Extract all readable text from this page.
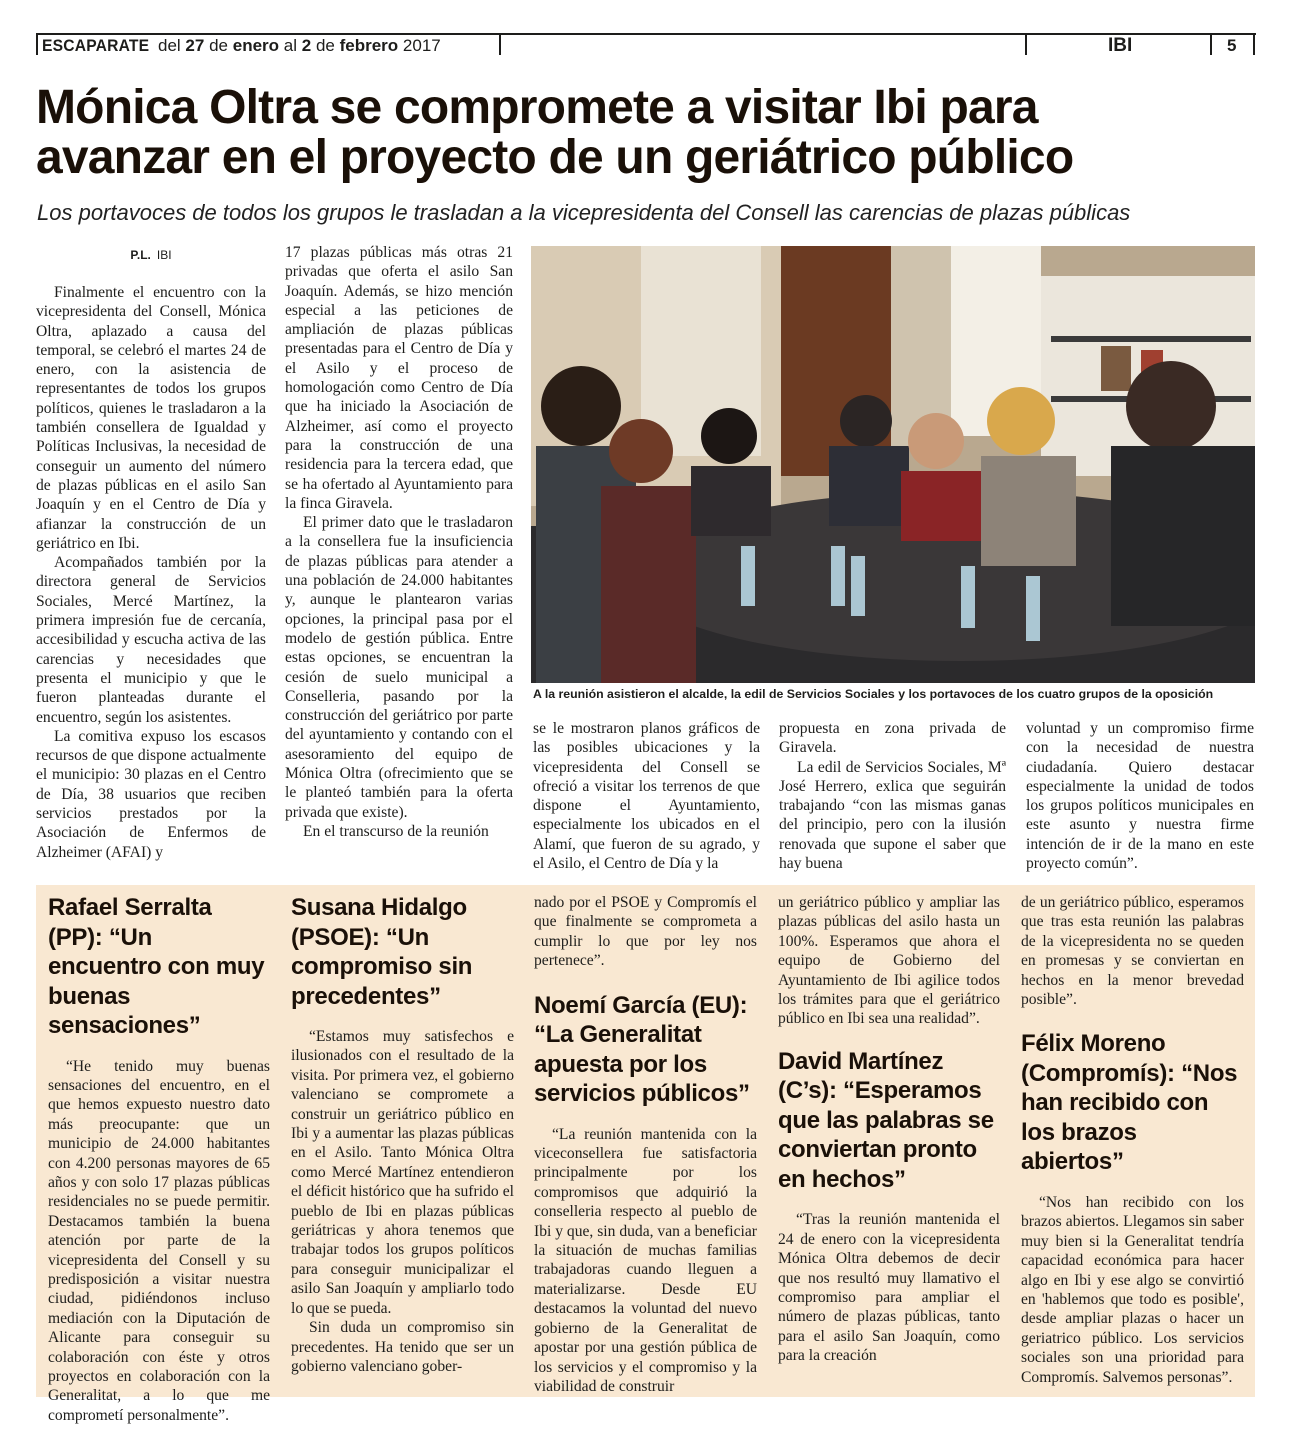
ESCAPARATE del 27 de enero al 2 de febrero 2017	IBI	5
Mónica Oltra se compromete a visitar Ibi para
avanzar en el proyecto de un geriátrico público
Los portavoces de todos los grupos le trasladan a la vicepresidenta del Consell las carencias de plazas públicas
P.L. IBI

Finalmente el encuentro con la vicepresidenta del Consell, Mónica Oltra, aplazado a causa del temporal, se celebró el martes 24 de enero, con la asistencia de representantes de todos los grupos políticos, quienes le trasladaron a la también consellera de Igualdad y Políticas Inclusivas, la necesidad de conseguir un aumento del número de plazas públicas en el asilo San Joaquín y en el Centro de Día y afianzar la construcción de un geriátrico en Ibi.

Acompañados también por la directora general de Servicios Sociales, Mercé Martínez, la primera impresión fue de cercanía, accesibilidad y escucha activa de las carencias y necesidades que presenta el municipio y que le fueron planteadas durante el encuentro, según los asistentes.

La comitiva expuso los escasos recursos de que dispone actualmente el municipio: 30 plazas en el Centro de Día, 38 usuarios que reciben servicios prestados por la Asociación de Enfermos de Alzheimer (AFAI) y

17 plazas públicas más otras 21 privadas que oferta el asilo San Joaquín. Además, se hizo mención especial a las peticiones de ampliación de plazas públicas presentadas para el Centro de Día y el Asilo y el proceso de homologación como Centro de Día que ha iniciado la Asociación de Alzheimer, así como el proyecto para la construcción de una residencia para la tercera edad, que se ha ofertado al Ayuntamiento para la finca Giravela.

El primer dato que le trasladaron a la consellera fue la insuficiencia de plazas públicas para atender a una población de 24.000 habitantes y, aunque le plantearon varias opciones, la principal pasa por el modelo de gestión pública. Entre estas opciones, se encuentran la cesión de suelo municipal a Conselleria, pasando por la construcción del geriátrico por parte del ayuntamiento y contando con el asesoramiento del equipo de Mónica Oltra (ofrecimiento que se le planteó también para la oferta privada que existe).

En el transcurso de la reunión

A la reunión asistieron el alcalde, la edil de Servicios Sociales y los portavoces de los cuatro grupos de la oposición

se le mostraron planos gráficos de las posibles ubicaciones y la vicepresidenta del Consell se ofreció a visitar los terrenos de que dispone el Ayuntamiento, especialmente los ubicados en el Alamí, que fueron de su agrado, y el Asilo, el Centro de Día y la

propuesta en zona privada de Giravela.

La edil de Servicios Sociales, Mª José Herrero, exlica que seguirán trabajando “con las mismas ganas del principio, pero con la ilusión renovada que supone el saber que hay buena

voluntad y un compromiso firme con la necesidad de nuestra ciudadanía. Quiero destacar especialmente la unidad de todos los grupos políticos municipales en este asunto y nuestra firme intención de ir de la mano en este proyecto común”.

Rafael Serralta (PP): “Un encuentro con muy buenas sensaciones”

“He tenido muy buenas sensaciones del encuentro, en el que hemos expuesto nuestro dato más preocupante: que un municipio de 24.000 habitantes con 4.200 personas mayores de 65 años y con solo 17 plazas públicas residenciales no se puede permitir. Destacamos también la buena atención por parte de la vicepresidenta del Consell y su predisposición a visitar nuestra ciudad, pidiéndonos incluso mediación con la Diputación de Alicante para conseguir su colaboración con éste y otros proyectos en colaboración con la Generalitat, a lo que me comprometí personalmente”.

Susana Hidalgo (PSOE): “Un compromiso sin precedentes”

“Estamos muy satisfechos e ilusionados con el resultado de la visita. Por primera vez, el gobierno valenciano se compromete a construir un geriátrico público en Ibi y a aumentar las plazas públicas en el Asilo. Tanto Mónica Oltra como Mercé Martínez entendieron el déficit histórico que ha sufrido el pueblo de Ibi en plazas públicas geriátricas y ahora tenemos que trabajar todos los grupos políticos para conseguir municipalizar el asilo San Joaquín y ampliarlo todo lo que se pueda.

Sin duda un compromiso sin precedentes. Ha tenido que ser un gobierno valenciano gober-

nado por el PSOE y Compromís el que finalmente se comprometa a cumplir lo que por ley nos pertenece”.

Noemí García (EU): “La Generalitat apuesta por los servicios públicos”

“La reunión mantenida con la viceconsellera fue satisfactoria principalmente por los compromisos que adquirió la conselleria respecto al pueblo de Ibi y que, sin duda, van a beneficiar la situación de muchas familias trabajadoras cuando lleguen a materializarse. Desde EU destacamos la voluntad del nuevo gobierno de la Generalitat de apostar por una gestión pública de los servicios y el compromiso y la viabilidad de construir

un geriátrico público y ampliar las plazas públicas del asilo hasta un 100%. Esperamos que ahora el equipo de Gobierno del Ayuntamiento de Ibi agilice todos los trámites para que el geriátrico público en Ibi sea una realidad”.

David Martínez (C’s): “Esperamos que las palabras se conviertan pronto en hechos”

“Tras la reunión mantenida el 24 de enero con la vicepresidenta Mónica Oltra debemos de decir que nos resultó muy llamativo el compromiso para ampliar el número de plazas públicas, tanto para el asilo San Joaquín, como para la creación

de un geriátrico público, esperamos que tras esta reunión las palabras de la vicepresidenta no se queden en promesas y se conviertan en hechos en la menor brevedad posible”.

Félix Moreno (Compromís): “Nos han recibido con los brazos abiertos”

“Nos han recibido con los brazos abiertos. Llegamos sin saber muy bien si la Generalitat tendría capacidad económica para hacer algo en Ibi y ese algo se convirtió en 'hablemos que todo es posible', desde ampliar plazas o hacer un geriatrico público. Los servicios sociales son una prioridad para Compromís. Salvemos personas”.
